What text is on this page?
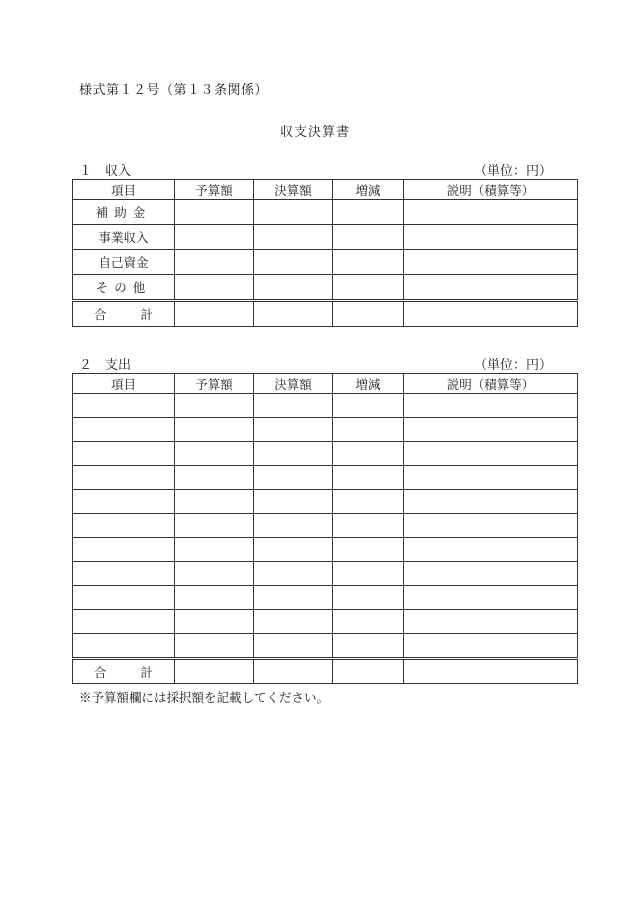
様式第１２号（第１３条関係）
収支決算書
１　収入	（単位：円）
項目	予算額	決算額	増減	説明（積算等）
補助金				
事業収入				
自己資金				
その他				
合 計				
２　支出	（単位：円）
項目	予算額	決算額	増減	説明（積算等）

合 計				
※予算額欄には採択額を記載してください。
